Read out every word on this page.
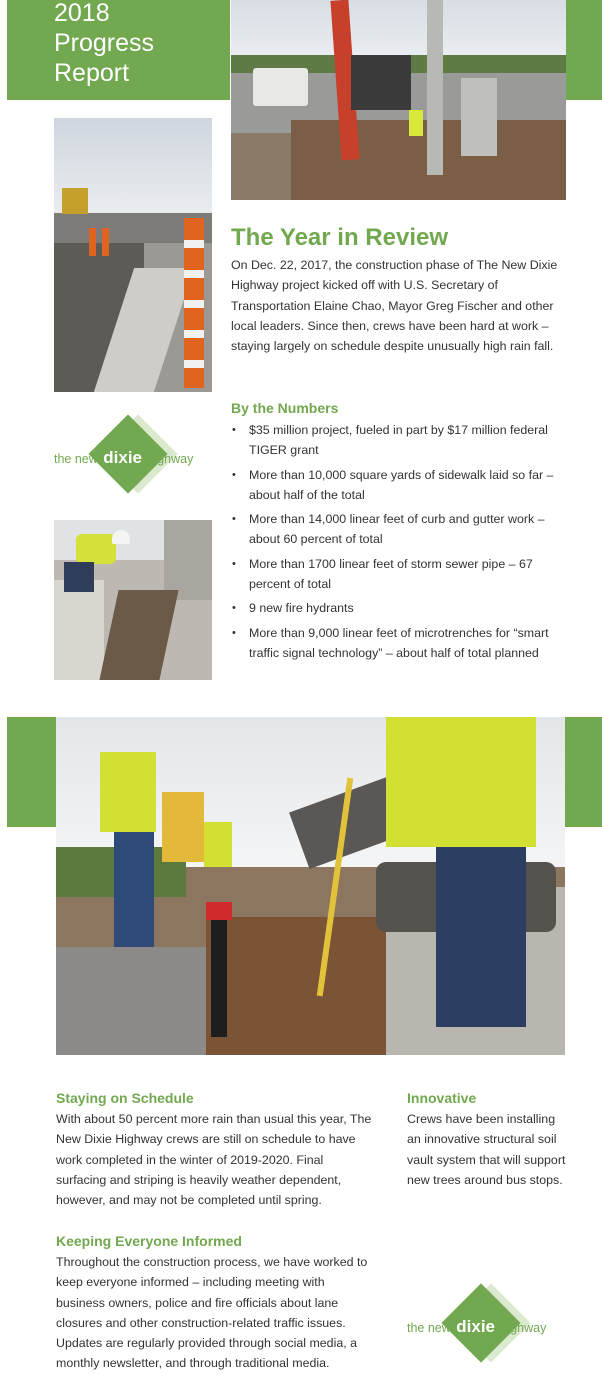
2018
Progress
Report
The Year in Review

On Dec. 22, 2017, the construction phase of The New Dixie Highway project kicked off with U.S. Secretary of Transportation Elaine Chao, Mayor Greg Fischer and other local leaders. Since then, crews have been hard at work – staying largely on schedule despite unusually high rain fall.

the new dixie highway
By the Numbers
• $35 million project, fueled in part by $17 million federal TIGER grant
• More than 10,000 square yards of sidewalk laid so far – about half of the total
• More than 14,000 linear feet of curb and gutter work – about 60 percent of total
• More than 1700 linear feet of storm sewer pipe – 67 percent of total
• 9 new fire hydrants
• More than 9,000 linear feet of microtrenches for “smart traffic signal technology” – about half of total planned
Staying on Schedule

With about 50 percent more rain than usual this year, The New Dixie Highway crews are still on schedule to have work completed in the winter of 2019-2020. Final surfacing and striping is heavily weather dependent, however, and may not be completed until spring.

Innovative

Crews have been installing an innovative structural soil vault system that will support new trees around bus stops.

Keeping Everyone Informed

Throughout the construction process, we have worked to keep everyone informed – including meeting with business owners, police and fire officials about lane closures and other construction-related traffic issues. Updates are regularly provided through social media, a monthly newsletter, and through traditional media.

the new dixie highway
